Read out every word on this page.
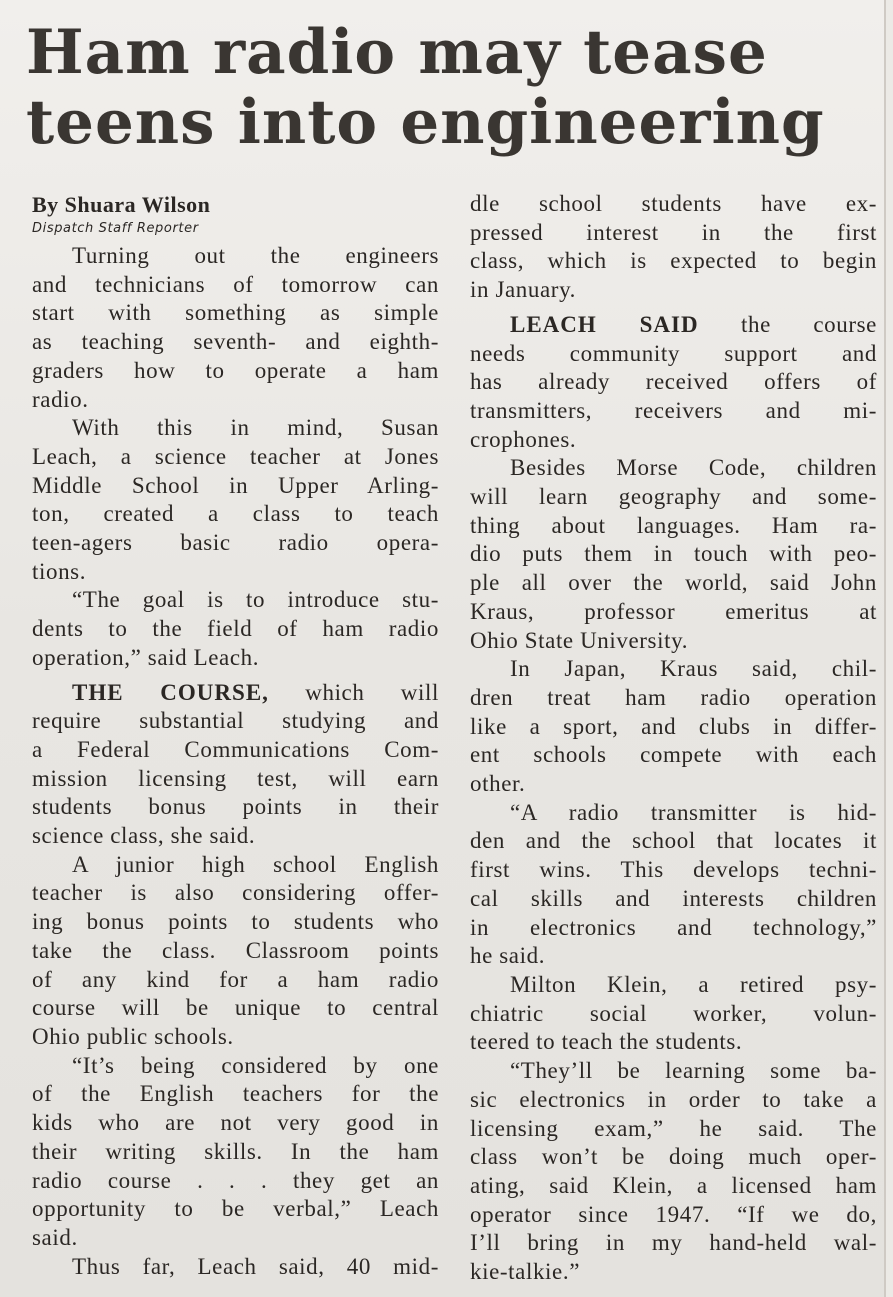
Ham radio may tease
teens into engineering
By Shuara Wilson
Dispatch Staff Reporter
Turning out the engineers
and technicians of tomorrow can
start with something as simple
as teaching seventh- and eighth-
graders how to operate a ham
radio.
With this in mind, Susan
Leach, a science teacher at Jones
Middle School in Upper Arling-
ton, created a class to teach
teen-agers basic radio opera-
tions.
“The goal is to introduce stu-
dents to the field of ham radio
operation,” said Leach.
THE COURSE, which will
require substantial studying and
a Federal Communications Com-
mission licensing test, will earn
students bonus points in their
science class, she said.
A junior high school English
teacher is also considering offer-
ing bonus points to students who
take the class. Classroom points
of any kind for a ham radio
course will be unique to central
Ohio public schools.
“It’s being considered by one
of the English teachers for the
kids who are not very good in
their writing skills. In the ham
radio course . . . they get an
opportunity to be verbal,” Leach
said.
Thus far, Leach said, 40 mid-
dle school students have ex-
pressed interest in the first
class, which is expected to begin
in January.
LEACH SAID the course
needs community support and
has already received offers of
transmitters, receivers and mi-
crophones.
Besides Morse Code, children
will learn geography and some-
thing about languages. Ham ra-
dio puts them in touch with peo-
ple all over the world, said John
Kraus, professor emeritus at
Ohio State University.
In Japan, Kraus said, chil-
dren treat ham radio operation
like a sport, and clubs in differ-
ent schools compete with each
other.
“A radio transmitter is hid-
den and the school that locates it
first wins. This develops techni-
cal skills and interests children
in electronics and technology,”
he said.
Milton Klein, a retired psy-
chiatric social worker, volun-
teered to teach the students.
“They’ll be learning some ba-
sic electronics in order to take a
licensing exam,” he said. The
class won’t be doing much oper-
ating, said Klein, a licensed ham
operator since 1947. “If we do,
I’ll bring in my hand-held wal-
kie-talkie.”
